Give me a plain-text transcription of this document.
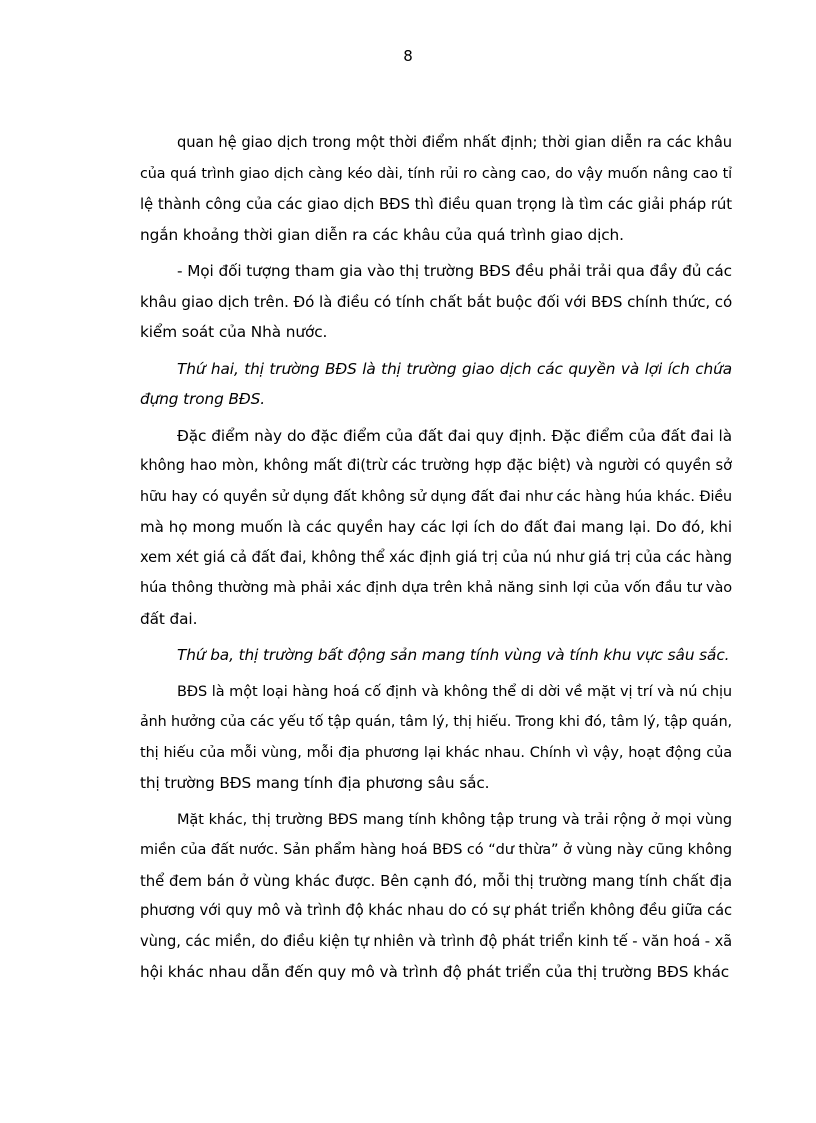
8
quan hệ giao dịch trong một thời điểm nhất định; thời gian diễn ra các khâu
của quá trình giao dịch càng kéo dài, tính rủi ro càng cao, do vậy muốn nâng cao tỉ
lệ thành công của các giao dịch BĐS thì điều quan trọng là tìm các giải pháp rút
ngắn khoảng thời gian diễn ra các khâu của quá trình giao dịch.
- Mọi đối tượng tham gia vào thị trường BĐS đều phải trải qua đầy đủ các
khâu giao dịch trên. Đó là điều có tính chất bắt buộc đối với BĐS chính thức, có
kiểm soát của Nhà nước.
Thứ hai, thị trường BĐS là thị trường giao dịch các quyền và lợi ích chứa
đựng trong BĐS.
Đặc điểm này do đặc điểm của đất đai quy định. Đặc điểm của đất đai là
không hao mòn, không mất đi(trừ các trường hợp đặc biệt) và người có quyền sở
hữu hay có quyền sử dụng đất không sử dụng đất đai như các hàng húa khác. Điều
mà họ mong muốn là các quyền hay các lợi ích do đất đai mang lại. Do đó, khi
xem xét giá cả đất đai, không thể xác định giá trị của nú như giá trị của các hàng
húa thông thường mà phải xác định dựa trên khả năng sinh lợi của vốn đầu tư vào
đất đai.
Thứ ba, thị trường bất động sản mang tính vùng và tính khu vực sâu sắc.
BĐS là một loại hàng hoá cố định và không thể di dời về mặt vị trí và nú chịu
ảnh hưởng của các yếu tố tập quán, tâm lý, thị hiếu. Trong khi đó, tâm lý, tập quán,
thị hiếu của mỗi vùng, mỗi địa phương lại khác nhau. Chính vì vậy, hoạt động của
thị trường BĐS mang tính địa phương sâu sắc.
Mặt khác, thị trường BĐS mang tính không tập trung và trải rộng ở mọi vùng
miền của đất nước. Sản phẩm hàng hoá BĐS có “dư thừa” ở vùng này cũng không
thể đem bán ở vùng khác được. Bên cạnh đó, mỗi thị trường mang tính chất địa
phương với quy mô và trình độ khác nhau do có sự phát triển không đều giữa các
vùng, các miền, do điều kiện tự nhiên và trình độ phát triển kinh tế - văn hoá - xã
hội khác nhau dẫn đến quy mô và trình độ phát triển của thị trường BĐS khác
